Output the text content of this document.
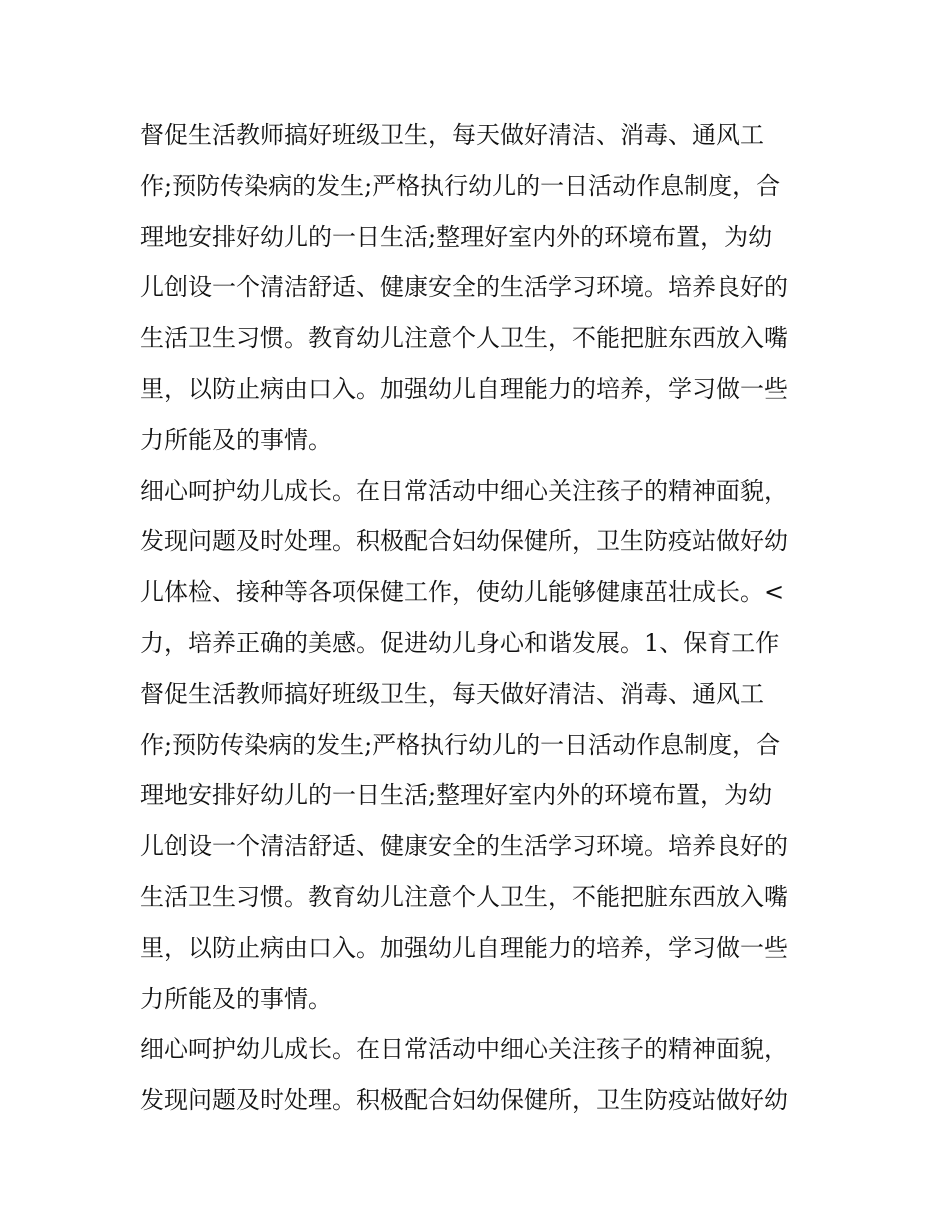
督促生活教师搞好班级卫生，每天做好清洁、消毒、通风工
作;预防传染病的发生;严格执行幼儿的一日活动作息制度，合
理地安排好幼儿的一日生活;整理好室内外的环境布置，为幼
儿创设一个清洁舒适、健康安全的生活学习环境。培养良好的
生活卫生习惯。教育幼儿注意个人卫生，不能把脏东西放入嘴
里，以防止病由口入。加强幼儿自理能力的培养，学习做一些
力所能及的事情。
细心呵护幼儿成长。在日常活动中细心关注孩子的精神面貌，
发现问题及时处理。积极配合妇幼保健所，卫生防疫站做好幼
儿体检、接种等各项保健工作，使幼儿能够健康茁壮成长。<
力，培养正确的美感。促进幼儿身心和谐发展。1、保育工作
督促生活教师搞好班级卫生，每天做好清洁、消毒、通风工
作;预防传染病的发生;严格执行幼儿的一日活动作息制度，合
理地安排好幼儿的一日生活;整理好室内外的环境布置，为幼
儿创设一个清洁舒适、健康安全的生活学习环境。培养良好的
生活卫生习惯。教育幼儿注意个人卫生，不能把脏东西放入嘴
里，以防止病由口入。加强幼儿自理能力的培养，学习做一些
力所能及的事情。
细心呵护幼儿成长。在日常活动中细心关注孩子的精神面貌，
发现问题及时处理。积极配合妇幼保健所，卫生防疫站做好幼
